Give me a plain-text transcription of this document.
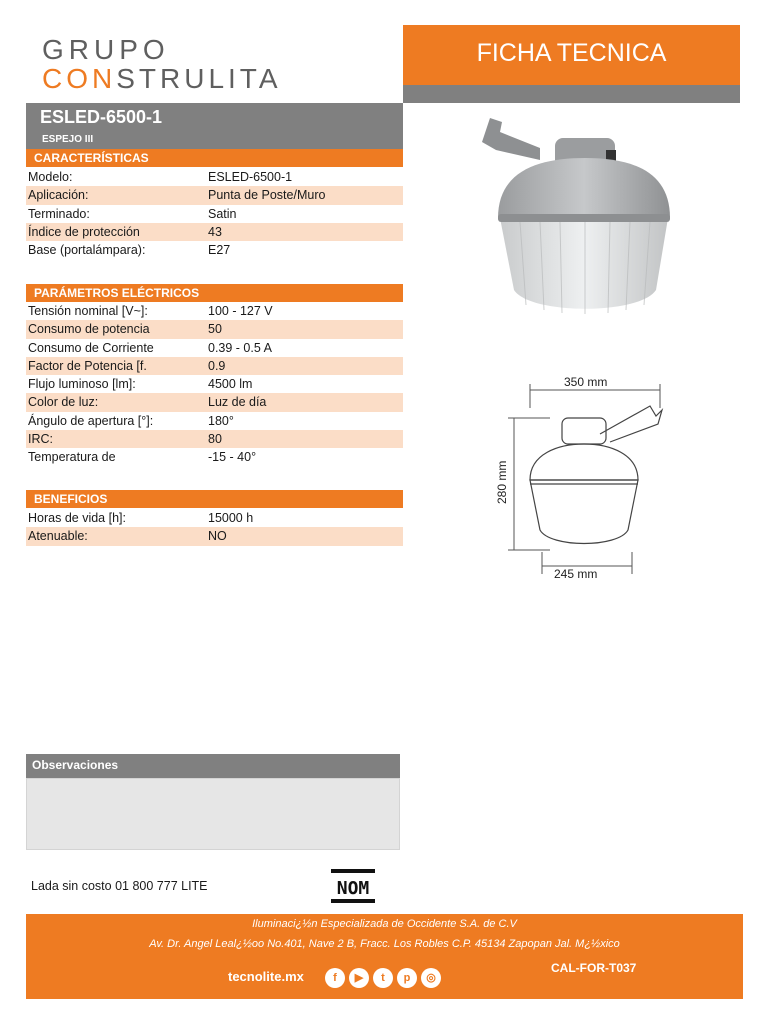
GRUPO
CONSTRULITA
FICHA TECNICA
ESLED-6500-1
ESPEJO III
CARACTERÍSTICAS
Modelo:	ESLED-6500-1
Aplicación:	Punta de Poste/Muro
Terminado:	Satin
Índice de protección	43
Base (portalámpara):	E27
PARÁMETROS ELÉCTRICOS
Tensión nominal [V~]:	100 - 127 V
Consumo de potencia	50
Consumo de Corriente	0.39 - 0.5 A
Factor de Potencia [f.	0.9
Flujo luminoso [lm]:	4500 lm
Color de luz:	Luz de día
Ángulo de apertura [°]:	180°
IRC:	80
Temperatura de	-15 - 40°
BENEFICIOS
Horas de vida [h]:	15000 h
Atenuable:	NO
350 mm
280 mm
245 mm
Observaciones
Lada sin costo 01 800 777 LITE	NOM
Iluminaci¿½n Especializada de Occidente S.A. de C.V
Av. Dr. Angel Leal¿½oo No.401, Nave 2 B, Fracc. Los Robles C.P. 45134 Zapopan Jal. M¿½xico
tecnolite.mx	f	▶	t	p	◎
CAL-FOR-T037
